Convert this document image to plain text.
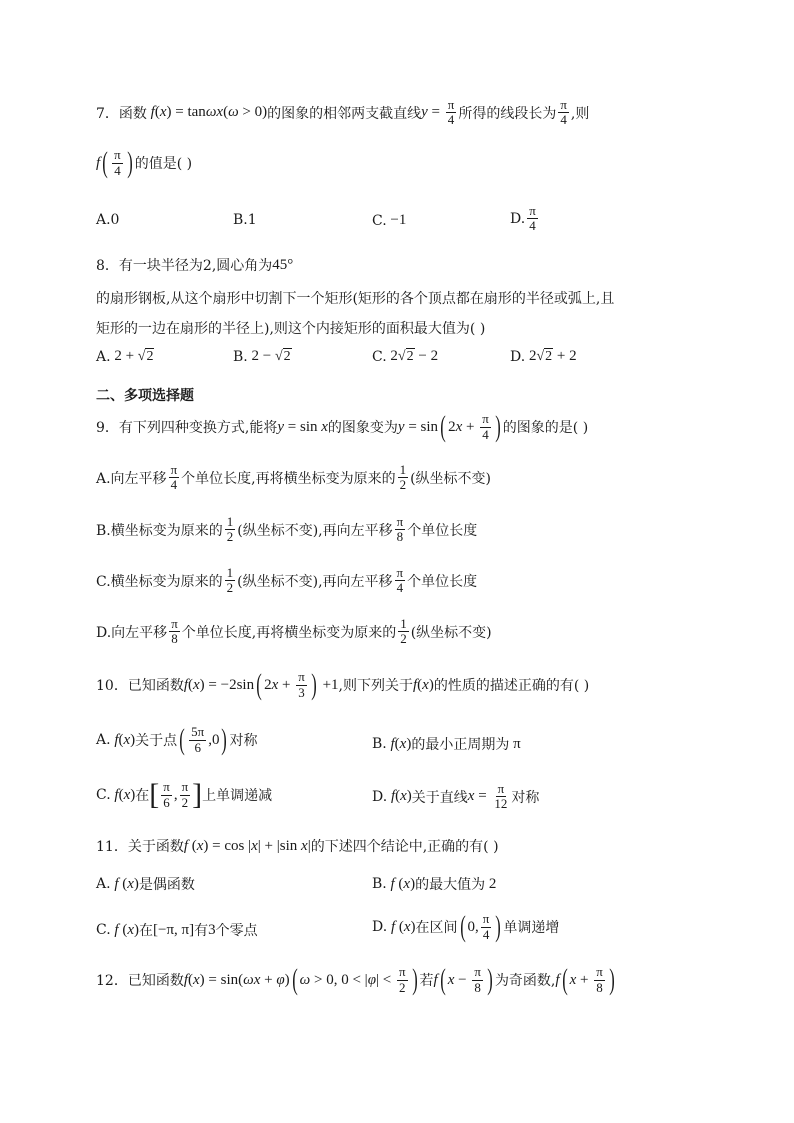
7． 函数 f ( x ) = tan ωx ( ω > 0) 的图象的相邻两支截直线 $y = \frac{\pi}{4}$ 所得的线段长为 $\frac{\pi}{4}$ ,则
f ( $\frac{\pi}{4}$ ) 的值是( )
A.0	B.1	C. −1	D. $\frac{\pi}{4}$
8．有一块半径为2,圆心角为 45°
的扇形钢板,从这个扇形中切割下一个矩形(矩形的各个顶点都在扇形的半径或弧上,且
矩形的一边在扇形的半径上),则这个内接矩形的面积最大值为( )
A. 2 + √ 2	B. 2 − √ 2	C. 2 √ 2 − 2	D. 2 √ 2 + 2
二、多项选择题
9．有下列四种变换方式,能将 y = sin x 的图象变为 y = sin ( 2 $x + \frac{\pi}{4}$ ) 的图象的是( )
A.向左平移 $\frac{\pi}{4}$ 个单位长度,再将横坐标变为原来的 $\frac{1}{2}$ (纵坐标不变)
B.横坐标变为原来的 $\frac{1}{2}$ (纵坐标不变),再向左平移 $\frac{\pi}{8}$ 个单位长度
C.横坐标变为原来的 $\frac{1}{2}$ (纵坐标不变),再向左平移 $\frac{\pi}{4}$ 个单位长度
D.向左平移 $\frac{\pi}{8}$ 个单位长度,再将横坐标变为原来的 $\frac{1}{2}$ (纵坐标不变)
10．已知函数 f ( x ) = −2sin ( 2 $x + \frac{\pi}{3}$ ) +1 ,则下列关于 f ( x ) 的性质的描述正确的有( )
A. f ( x ) 关于点 ( $\frac{5\pi}{6} ,0$ ) 对称	B. f ( x ) 的最小正周期为 π
C. f ( x ) 在 [ $\frac{\pi}{6}$ , $\frac{\pi}{2}$ ] 上单调递减	D. f ( x ) 关于直线 $x = \frac{\pi}{12}$ 对称
11．关于函数 f ( x ) = cos | x | + |sin x | 的下述四个结论中,正确的有( )
A. f ( x ) 是偶函数	B. f ( x ) 的最大值为 2
C. f ( x ) 在 [−π, π] 有 3 个零点	D. f ( x ) 在区间 ( 0, $\frac{\pi}{4}$ ) 单调递增
12．已知函数 f ( x ) = sin( ωx + φ ) ( ω > 0, 0 < | φ | < $\frac{\pi}{2}$ ) 若 f ( $x - \frac{\pi}{8}$ ) 为奇函数, f ( $x + \frac{\pi}{8}$ )
